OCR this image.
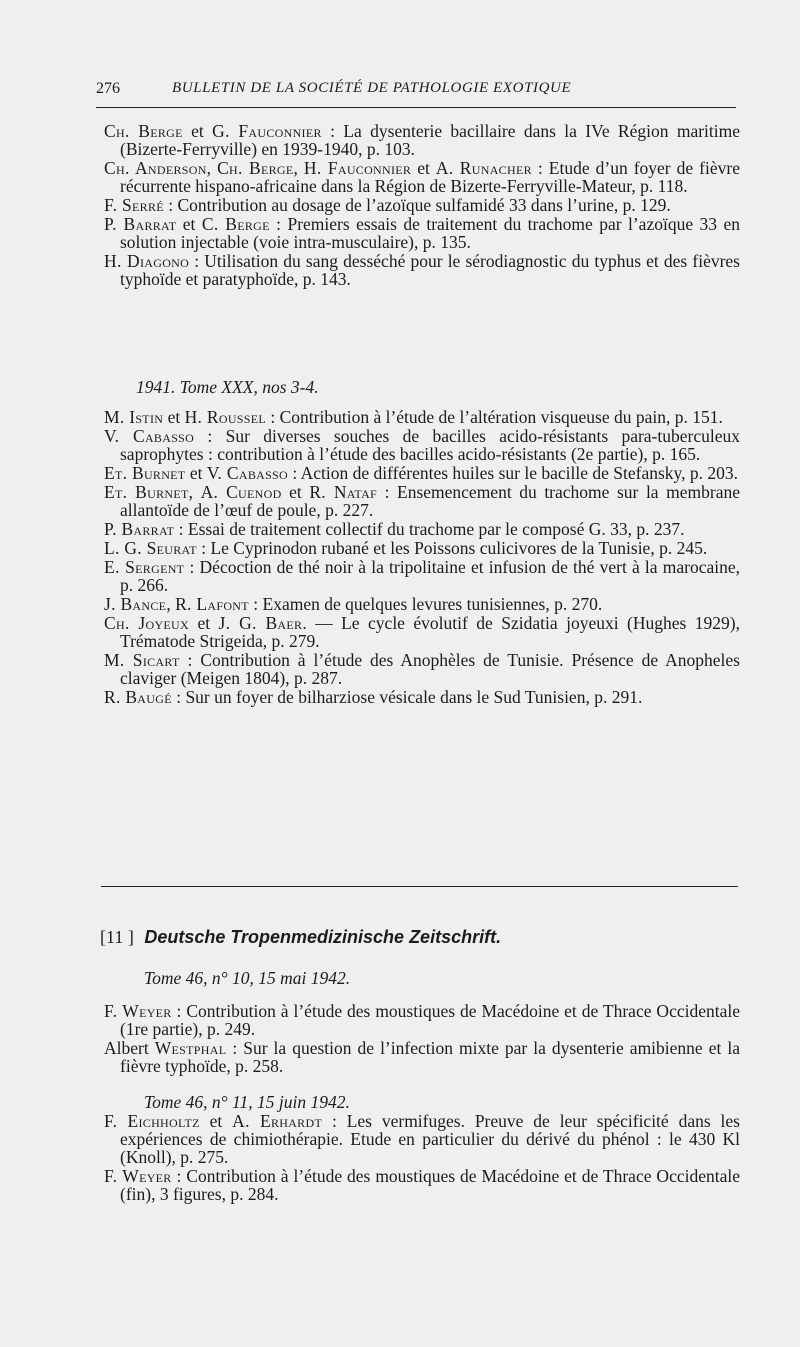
276	BULLETIN DE LA SOCIÉTÉ DE PATHOLOGIE EXOTIQUE

Ch. Berge et G. Fauconnier : La dysenterie bacillaire dans la IVe Région maritime (Bizerte-Ferryville) en 1939-1940, p. 103.

Ch. Anderson, Ch. Berge, H. Fauconnier et A. Runacher : Etude d’un foyer de fièvre récurrente hispano-africaine dans la Région de Bizerte-Ferryville-Mateur, p. 118.

F. Serré : Contribution au dosage de l’azoïque sulfamidé 33 dans l’urine, p. 129.

P. Barrat et C. Berge : Premiers essais de traitement du trachome par l’azoïque 33 en solution injectable (voie intra-musculaire), p. 135.

H. Diagono : Utilisation du sang desséché pour le sérodiagnostic du typhus et des fièvres typhoïde et paratyphoïde, p. 143.

1941. Tome XXX, nos 3-4.

M. Istin et H. Roussel : Contribution à l’étude de l’altération visqueuse du pain, p. 151.

V. Cabasso : Sur diverses souches de bacilles acido-résistants para-tuberculeux saprophytes : contribution à l’étude des bacilles acido-résistants (2e partie), p. 165.

Et. Burnet et V. Cabasso : Action de différentes huiles sur le bacille de Stefansky, p. 203.

Et. Burnet, A. Cuenod et R. Nataf : Ensemencement du trachome sur la membrane allantoïde de l’œuf de poule, p. 227.

P. Barrat : Essai de traitement collectif du trachome par le composé G. 33, p. 237.

L. G. Seurat : Le Cyprinodon rubané et les Poissons culicivores de la Tunisie, p. 245.

E. Sergent : Décoction de thé noir à la tripolitaine et infusion de thé vert à la marocaine, p. 266.

J. Bance, R. Lafont : Examen de quelques levures tunisiennes, p. 270.

Ch. Joyeux et J. G. Baer. — Le cycle évolutif de Szidatia joyeuxi (Hughes 1929), Trématode Strigeida, p. 279.

M. Sicart : Contribution à l’étude des Anophèles de Tunisie. Présence de Anopheles claviger (Meigen 1804), p. 287.

R. Baugé : Sur un foyer de bilharziose vésicale dans le Sud Tunisien, p. 291.

[11 ] Deutsche Tropenmedizinische Zeitschrift.

Tome 46, n° 10, 15 mai 1942.

F. Weyer : Contribution à l’étude des moustiques de Macédoine et de Thrace Occidentale (1re partie), p. 249.

Albert Westphal : Sur la question de l’infection mixte par la dysenterie amibienne et la fièvre typhoïde, p. 258.

Tome 46, n° 11, 15 juin 1942.

F. Eichholtz et A. Erhardt : Les vermifuges. Preuve de leur spécificité dans les expériences de chimiothérapie. Etude en particulier du dérivé du phénol : le 430 Kl (Knoll), p. 275.

F. Weyer : Contribution à l’étude des moustiques de Macédoine et de Thrace Occidentale (fin), 3 figures, p. 284.
